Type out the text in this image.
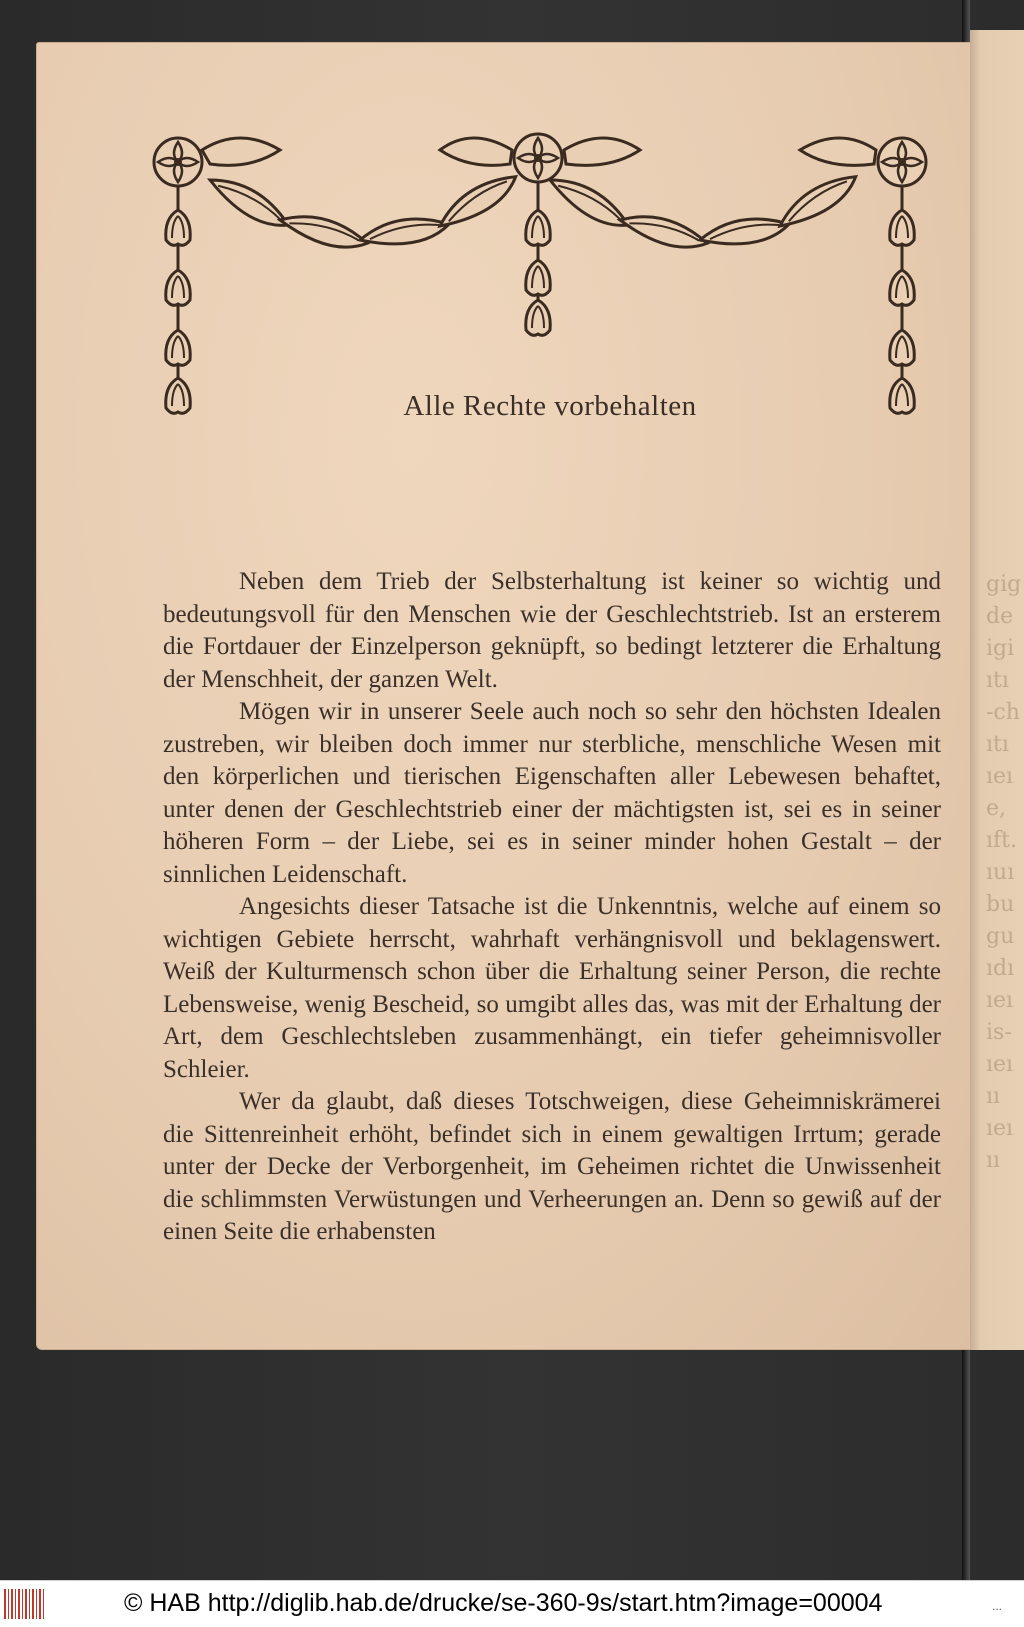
gig
de
igi
ıtı
-ch
ıtı
ıeı
e,
ıft.
ıuı
bu
gu
ıdı
ıeı
is-
ıeı
ıı
ıeı
ıı
Alle Rechte vorbehalten

Neben dem Trieb der Selbsterhaltung ist keiner so wichtig und bedeutungsvoll für den Menschen wie der Geschlechtstrieb. Ist an ersterem die Fortdauer der Einzelperson geknüpft, so bedingt letzterer die Erhaltung der Menschheit, der ganzen Welt.

Mögen wir in unserer Seele auch noch so sehr den höchsten Idealen zustreben, wir bleiben doch immer nur sterbliche, menschliche Wesen mit den körperlichen und tierischen Eigenschaften aller Lebewesen behaftet, unter denen der Geschlechtstrieb einer der mächtigsten ist, sei es in seiner höheren Form – der Liebe, sei es in seiner minder hohen Gestalt – der sinnlichen Leidenschaft.

Angesichts dieser Tatsache ist die Unkenntnis, welche auf einem so wichtigen Gebiete herrscht, wahrhaft verhängnisvoll und beklagenswert. Weiß der Kulturmensch schon über die Erhaltung seiner Person, die rechte Lebensweise, wenig Bescheid, so umgibt alles das, was mit der Erhaltung der Art, dem Geschlechtsleben zusammenhängt, ein tiefer geheimnisvoller Schleier.

Wer da glaubt, daß dieses Totschweigen, diese Geheimniskrämerei die Sittenreinheit erhöht, befindet sich in einem gewaltigen Irrtum; gerade unter der Decke der Verborgenheit, im Geheimen richtet die Unwissenheit die schlimmsten Verwüstungen und Verheerungen an. Denn so gewiß auf der einen Seite die erhabensten

© HAB http://diglib.hab.de/drucke/se-360-9s/start.htm?image=00004	...
